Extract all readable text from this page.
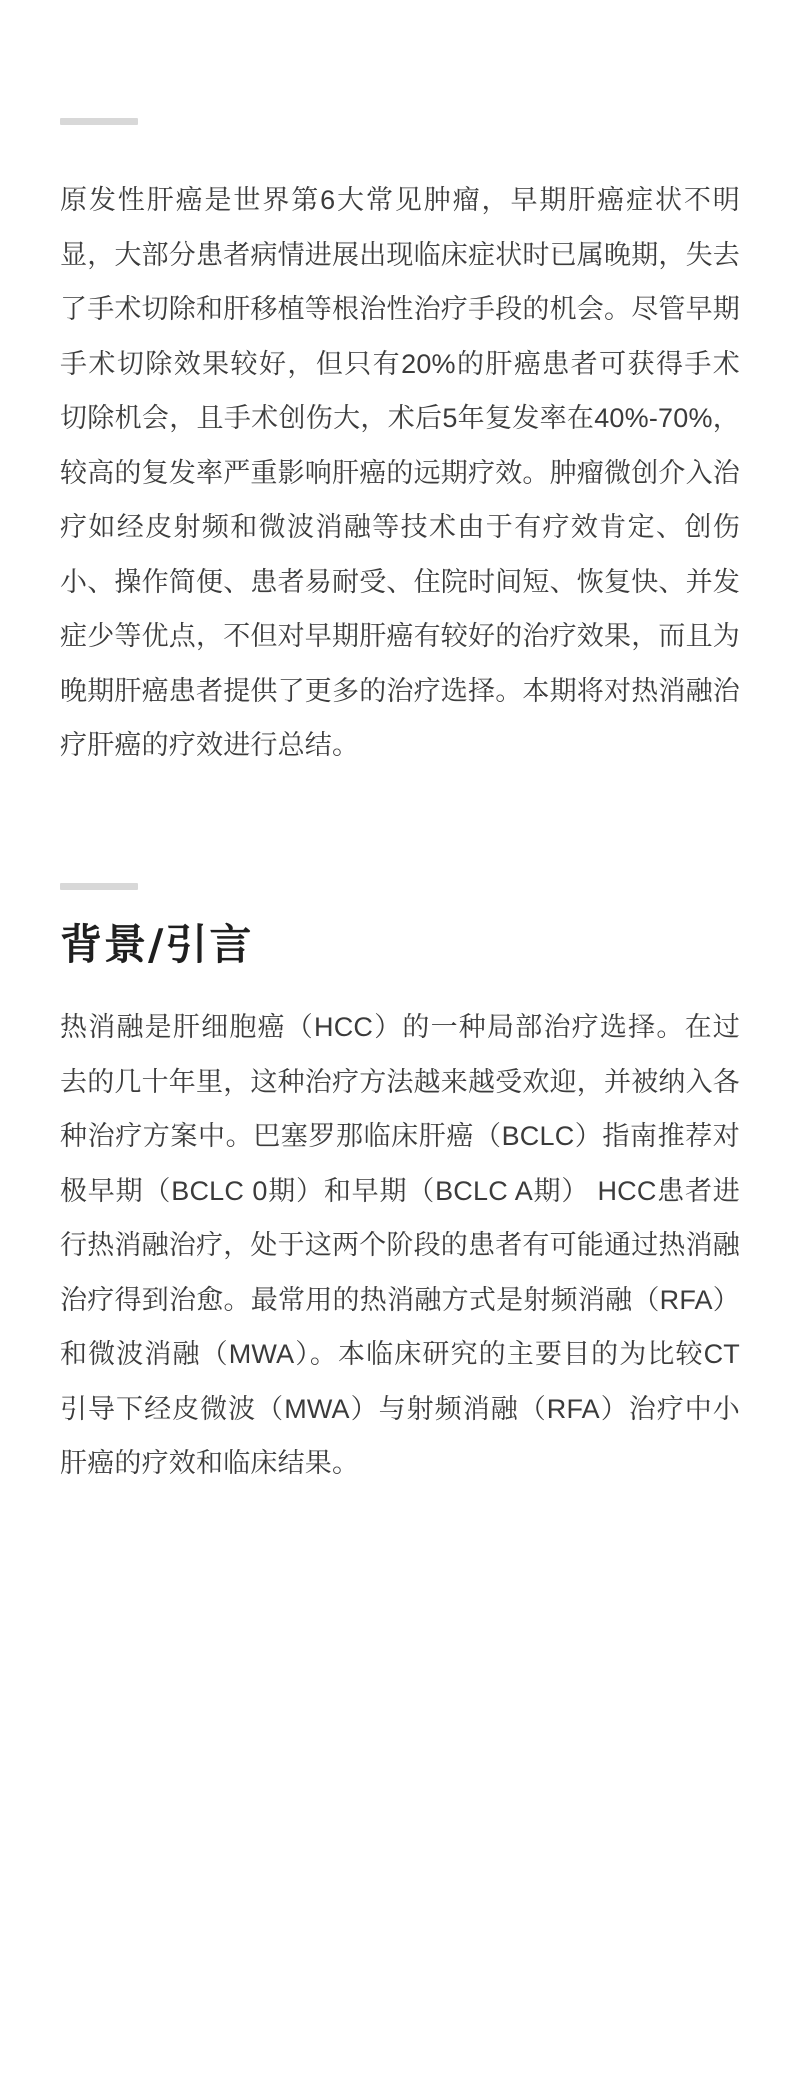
原发性肝癌是世界第6大常见肿瘤，早期肝癌症状不明显，大部分患者病情进展出现临床症状时已属晚期，失去了手术切除和肝移植等根治性治疗手段的机会。尽管早期手术切除效果较好，但只有20%的肝癌患者可获得手术切除机会，且手术创伤大，术后5年复发率在40%-70%，较高的复发率严重影响肝癌的远期疗效。肿瘤微创介入治疗如经皮射频和微波消融等技术由于有疗效肯定、创伤小、操作简便、患者易耐受、住院时间短、恢复快、并发症少等优点，不但对早期肝癌有较好的治疗效果，而且为晚期肝癌患者提供了更多的治疗选择。本期将对热消融治疗肝癌的疗效进行总结。

背景/引言

热消融是肝细胞癌（HCC）的一种局部治疗选择。在过去的几十年里，这种治疗方法越来越受欢迎，并被纳入各种治疗方案中。巴塞罗那临床肝癌（BCLC）指南推荐对极早期（BCLC 0期）和早期（BCLC A期） HCC患者进行热消融治疗，处于这两个阶段的患者有可能通过热消融治疗得到治愈。最常用的热消融方式是射频消融（RFA）和微波消融（MWA）。本临床研究的主要目的为比较CT引导下经皮微波（MWA）与射频消融（RFA）治疗中小肝癌的疗效和临床结果。
